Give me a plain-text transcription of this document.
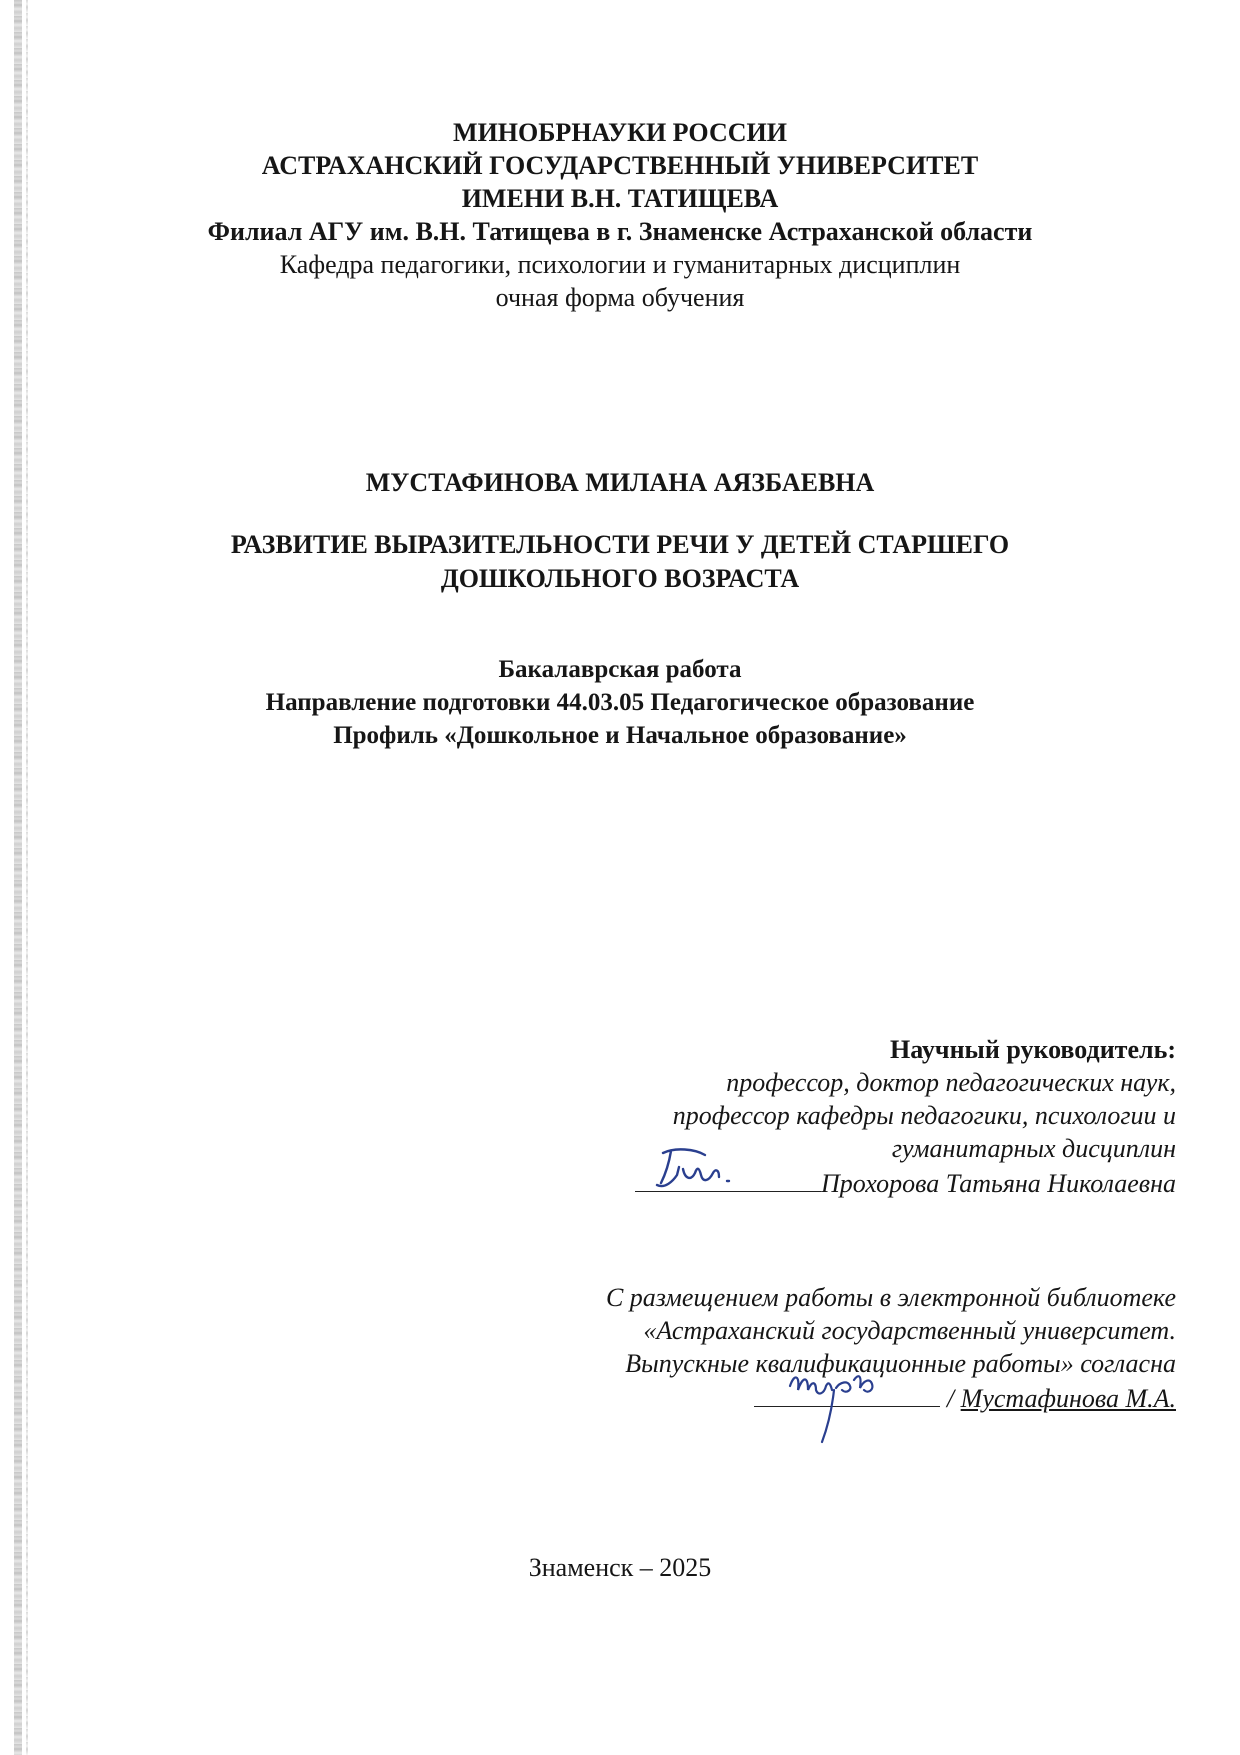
МИНОБРНАУКИ РОССИИ
АСТРАХАНСКИЙ ГОСУДАРСТВЕННЫЙ УНИВЕРСИТЕТ
ИМЕНИ В.Н. ТАТИЩЕВА
Филиал АГУ им. В.Н. Татищева в г. Знаменске Астраханской области
Кафедра педагогики, психологии и гуманитарных дисциплин
очная форма обучения
МУСТАФИНОВА МИЛАНА АЯЗБАЕВНА
РАЗВИТИЕ ВЫРАЗИТЕЛЬНОСТИ РЕЧИ У ДЕТЕЙ СТАРШЕГО
ДОШКОЛЬНОГО ВОЗРАСТА
Бакалаврская работа
Направление подготовки 44.03.05 Педагогическое образование
Профиль «Дошкольное и Начальное образование»
Научный руководитель:
профессор, доктор педагогических наук,
профессор кафедры педагогики, психологии и
гуманитарных дисциплин
Прохорова Татьяна Николаевна
С размещением работы в электронной библиотеке
«Астраханский государственный университет.
Выпускные квалификационные работы» согласна
/ Мустафинова М.А.
Знаменск – 2025
